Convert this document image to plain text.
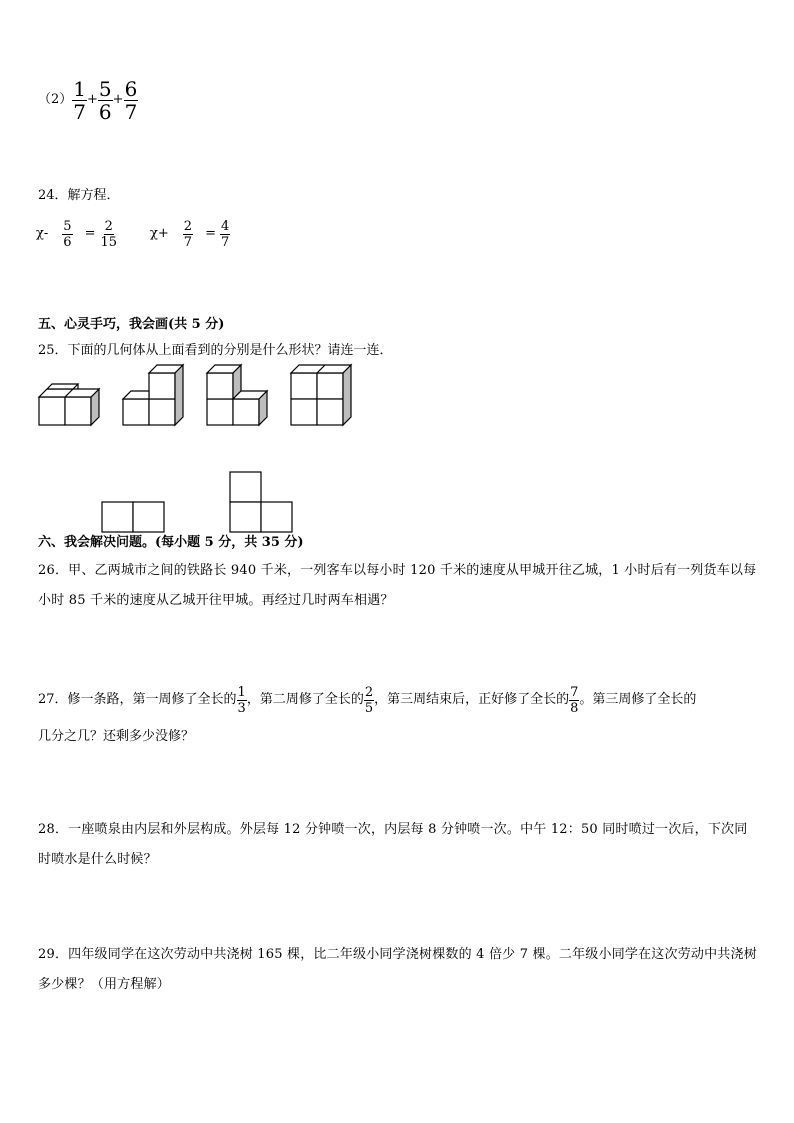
$(2) \frac{1}{7} + \frac{5}{6} + \frac{6}{7}$
24．解方程．
$\chi- \frac{5}{6} = \frac{2}{15} \chi+ \frac{2}{7} = \frac{4}{7}$
五、心灵手巧，我会画(共 5 分)
25．下面的几何体从上面看到的分别是什么形状？请连一连．
六、我会解决问题。(每小题 5 分，共 35 分)
26．甲、乙两城市之间的铁路长 940 千米，一列客车以每小时 120 千米的速度从甲城开往乙城，1 小时后有一列货车以每小时 85 千米的速度从乙城开往甲城。再经过几时两车相遇？
27．修一条路，第一周修了全长的 $\frac{1}{3}$ ，第二周修了全长的 $\frac{2}{5}$ ，第三周结束后，正好修了全长的 $\frac{7}{8}$ 。第三周修了全长的
几分之几？还剩多少没修？
28．一座喷泉由内层和外层构成。外层每 12 分钟喷一次，内层每 8 分钟喷一次。中午 12：50 同时喷过一次后，下次同时喷水是什么时候？
29．四年级同学在这次劳动中共浇树 165 棵，比二年级小同学浇树棵数的 4 倍少 7 棵。二年级小同学在这次劳动中共浇树多少棵？（用方程解）
